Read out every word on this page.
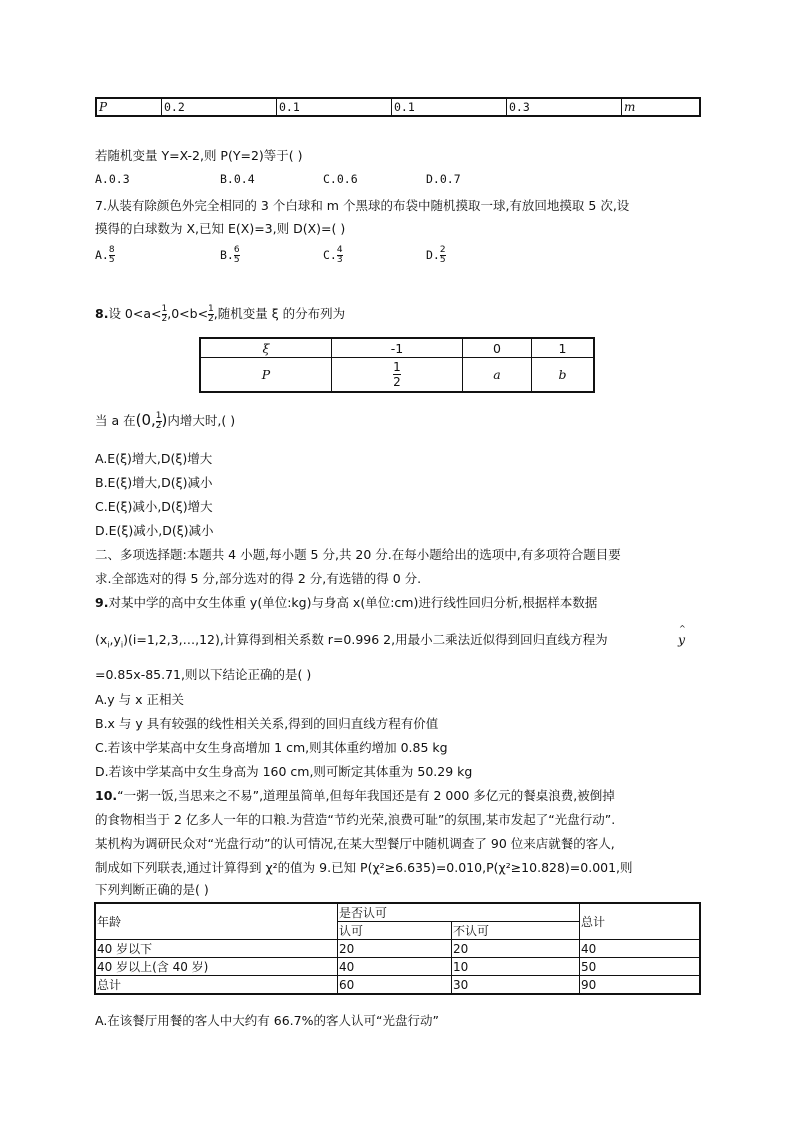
P	0.2	0.1	0.1	0.3	m
若随机变量 Y=X-2,则 P(Y=2)等于( )
A.0.3	B.0.4	C.0.6	D.0.7
7.从装有除颜色外完全相同的 3 个白球和 m 个黑球的布袋中随机摸取一球,有放回地摸取 5 次,设
摸得的白球数为 X,已知 E(X)=3,则 D(X)=( )
A. $\frac{8}{5}$	B. $\frac{6}{5}$	C. $\frac{4}{3}$	D. $\frac{2}{5}$
8.设 $0<a< \frac{1}{2} ,0<b< \frac{1}{2}$ ,随机变量 ξ 的分布列为
ξ	-1	0	1
P	$\frac{1}{2}$	a	b
当 a 在(0, $\frac{1}{2}$ )内增大时,( )
A.E(ξ)增大,D(ξ)增大
B.E(ξ)增大,D(ξ)减小
C.E(ξ)减小,D(ξ)增大
D.E(ξ)减小,D(ξ)减小
二、多项选择题:本题共 4 小题,每小题 5 分,共 20 分.在每小题给出的选项中,有多项符合题目要
求.全部选对的得 5 分,部分选对的得 2 分,有选错的得 0 分.
9.对某中学的高中女生体重 y(单位:kg)与身高 x(单位:cm)进行线性回归分析,根据样本数据
$(x_i,y_i)(i=1,2,3,\dots,12)$,计算得到相关系数 r=0.996 2,用最小二乘法近似得到回归直线方程为
^
y
=0.85x-85.71,则以下结论正确的是( )
A.y 与 x 正相关
B.x 与 y 具有较强的线性相关关系,得到的回归直线方程有价值
C.若该中学某高中女生身高增加 1 cm,则其体重约增加 0.85 kg
D.若该中学某高中女生身高为 160 cm,则可断定其体重为 50.29 kg
10.“一粥一饭,当思来之不易”,道理虽简单,但每年我国还是有 2 000 多亿元的餐桌浪费,被倒掉
的食物相当于 2 亿多人一年的口粮.为营造“节约光荣,浪费可耻”的氛围,某市发起了“光盘行动”.
某机构为调研民众对“光盘行动”的认可情况,在某大型餐厅中随机调查了 90 位来店就餐的客人,
制成如下列联表,通过计算得到 χ²的值为 9.已知 P(χ²≥6.635)=0.010,P(χ²≥10.828)=0.001,则
下列判断正确的是( )
年龄	是否认可		总计
	认可	不认可	
40 岁以下	20	20	40
40 岁以上(含 40 岁)	40	10	50
总计	60	30	90
A.在该餐厅用餐的客人中大约有 66.7%的客人认可“光盘行动”
